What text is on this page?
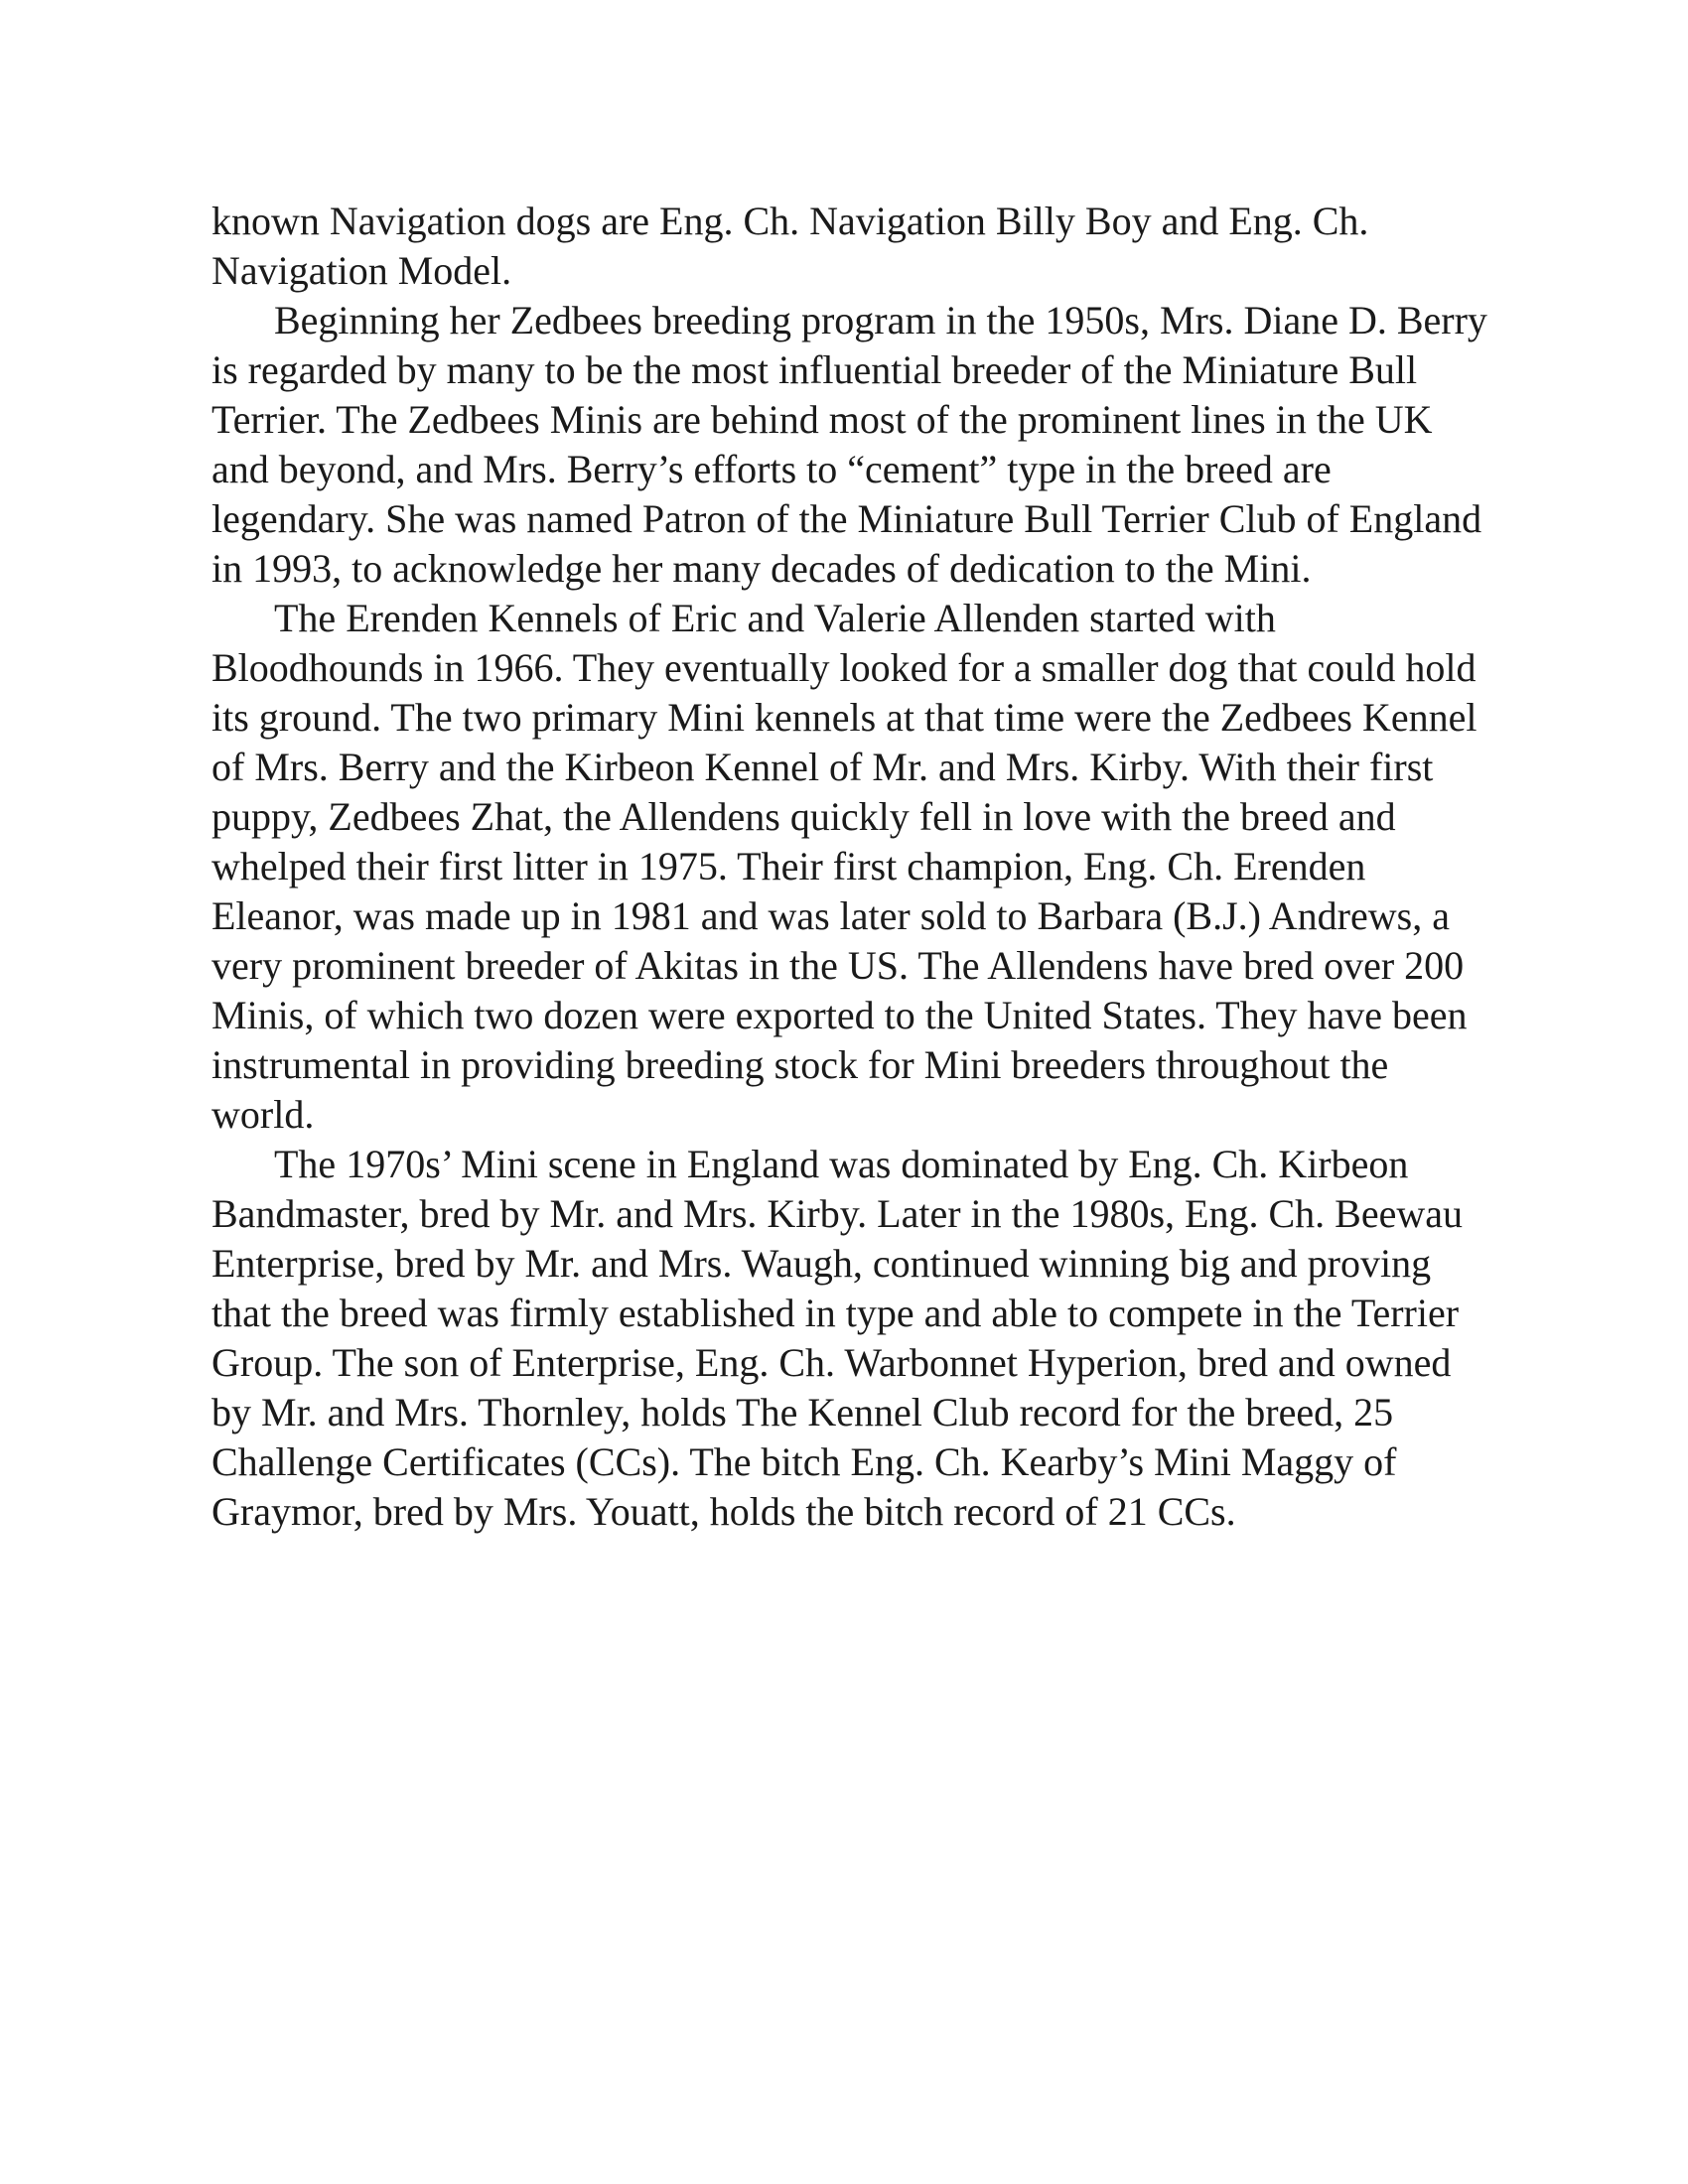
known Navigation dogs are Eng. Ch. Navigation Billy Boy and Eng. Ch. Navigation Model.

Beginning her Zedbees breeding program in the 1950s, Mrs. Diane D. Berry is regarded by many to be the most influential breeder of the Miniature Bull Terrier. The Zedbees Minis are behind most of the prominent lines in the UK and beyond, and Mrs. Berry’s efforts to “cement” type in the breed are legendary. She was named Patron of the Miniature Bull Terrier Club of England in 1993, to acknowledge her many decades of dedication to the Mini.

The Erenden Kennels of Eric and Valerie Allenden started with Bloodhounds in 1966. They eventually looked for a smaller dog that could hold its ground. The two primary Mini kennels at that time were the Zedbees Kennel of Mrs. Berry and the Kirbeon Kennel of Mr. and Mrs. Kirby. With their first puppy, Zedbees Zhat, the Allendens quickly fell in love with the breed and whelped their first litter in 1975. Their first champion, Eng. Ch. Erenden Eleanor, was made up in 1981 and was later sold to Barbara (B.J.) Andrews, a very prominent breeder of Akitas in the US. The Allendens have bred over 200 Minis, of which two dozen were exported to the United States. They have been instrumental in providing breeding stock for Mini breeders throughout the world.

The 1970s’ Mini scene in England was dominated by Eng. Ch. Kirbeon Bandmaster, bred by Mr. and Mrs. Kirby. Later in the 1980s, Eng. Ch. Beewau Enterprise, bred by Mr. and Mrs. Waugh, continued winning big and proving that the breed was firmly established in type and able to compete in the Terrier Group. The son of Enterprise, Eng. Ch. Warbonnet Hyperion, bred and owned by Mr. and Mrs. Thornley, holds The Kennel Club record for the breed, 25 Challenge Certificates (CCs). The bitch Eng. Ch. Kearby’s Mini Maggy of Graymor, bred by Mrs. Youatt, holds the bitch record of 21 CCs.
